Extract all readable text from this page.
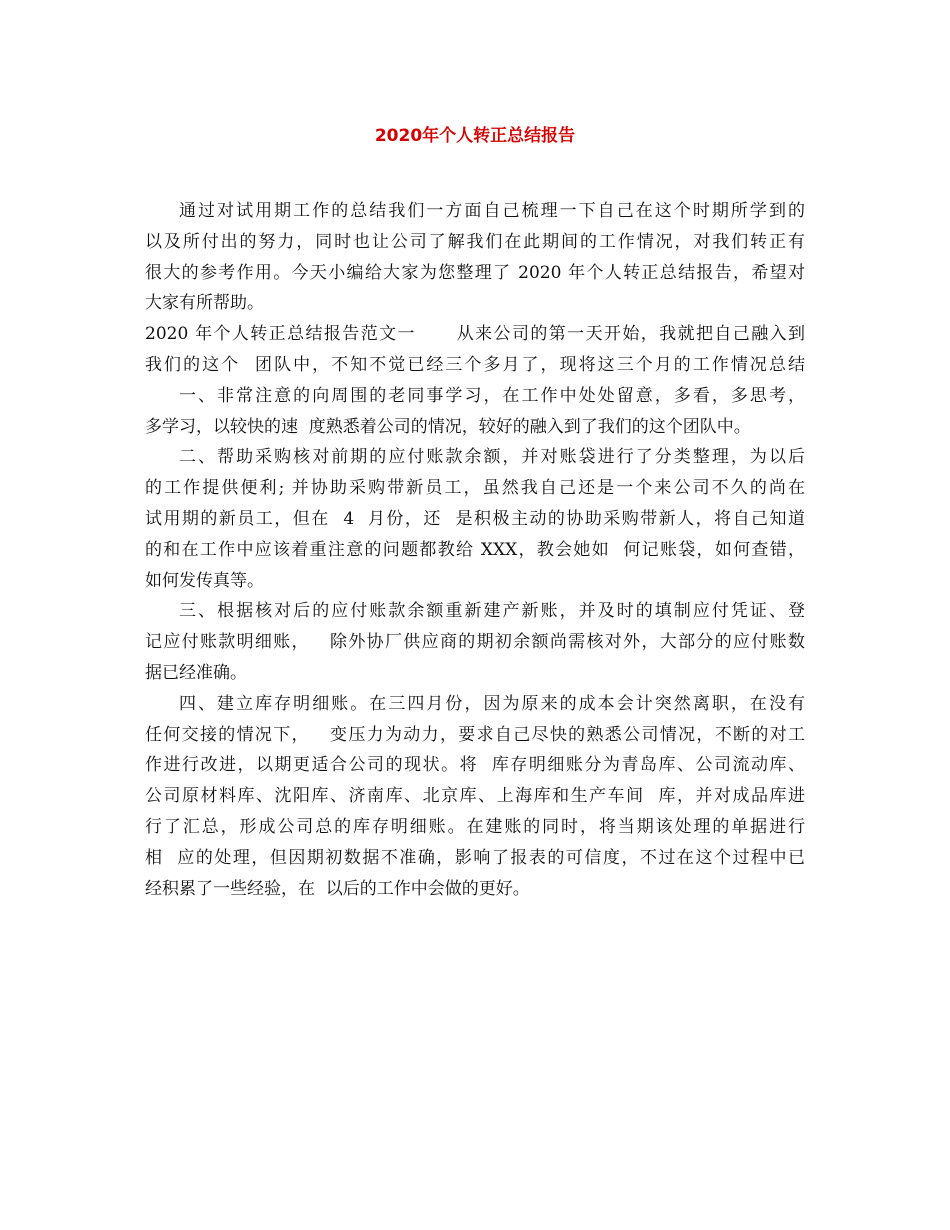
2020年个人转正总结报告
通过对试用期工作的总结我们一方面自己梳理一下自己在这个时期所学到的
以及所付出的努力，同时也让公司了解我们在此期间的工作情况，对我们转正有
很大的参考作用。今天小编给大家为您整理了 2020 年个人转正总结报告，希望对
大家有所帮助。
2020 年个人转正总结报告范文一      从来公司的第一天开始，我就把自己融入到
我们的这个  团队中，不知不觉已经三个多月了，现将这三个月的工作情况总结
一、非常注意的向周围的老同事学习，在工作中处处留意，多看，多思考，
多学习，以较快的速  度熟悉着公司的情况，较好的融入到了我们的这个团队中。
二、帮助采购核对前期的应付账款余额，并对账袋进行了分类整理，为以后
的工作提供便利; 并协助采购带新员工，虽然我自己还是一个来公司不久的尚在
试用期的新员工，但在  4  月份，还  是积极主动的协助采购带新人，将自己知道
的和在工作中应该着重注意的问题都教给 XXX，教会她如  何记账袋，如何查错，
如何发传真等。
三、根据核对后的应付账款余额重新建产新账，并及时的填制应付凭证、登
记应付账款明细账，   除外协厂供应商的期初余额尚需核对外，大部分的应付账数
据已经准确。
四、建立库存明细账。在三四月份，因为原来的成本会计突然离职，在没有
任何交接的情况下，   变压力为动力，要求自己尽快的熟悉公司情况，不断的对工
作进行改进，以期更适合公司的现状。将  库存明细账分为青岛库、公司流动库、
公司原材料库、沈阳库、济南库、北京库、上海库和生产车间  库，并对成品库进
行了汇总，形成公司总的库存明细账。在建账的同时，将当期该处理的单据进行
相  应的处理，但因期初数据不准确，影响了报表的可信度，不过在这个过程中已
经积累了一些经验，在  以后的工作中会做的更好。
